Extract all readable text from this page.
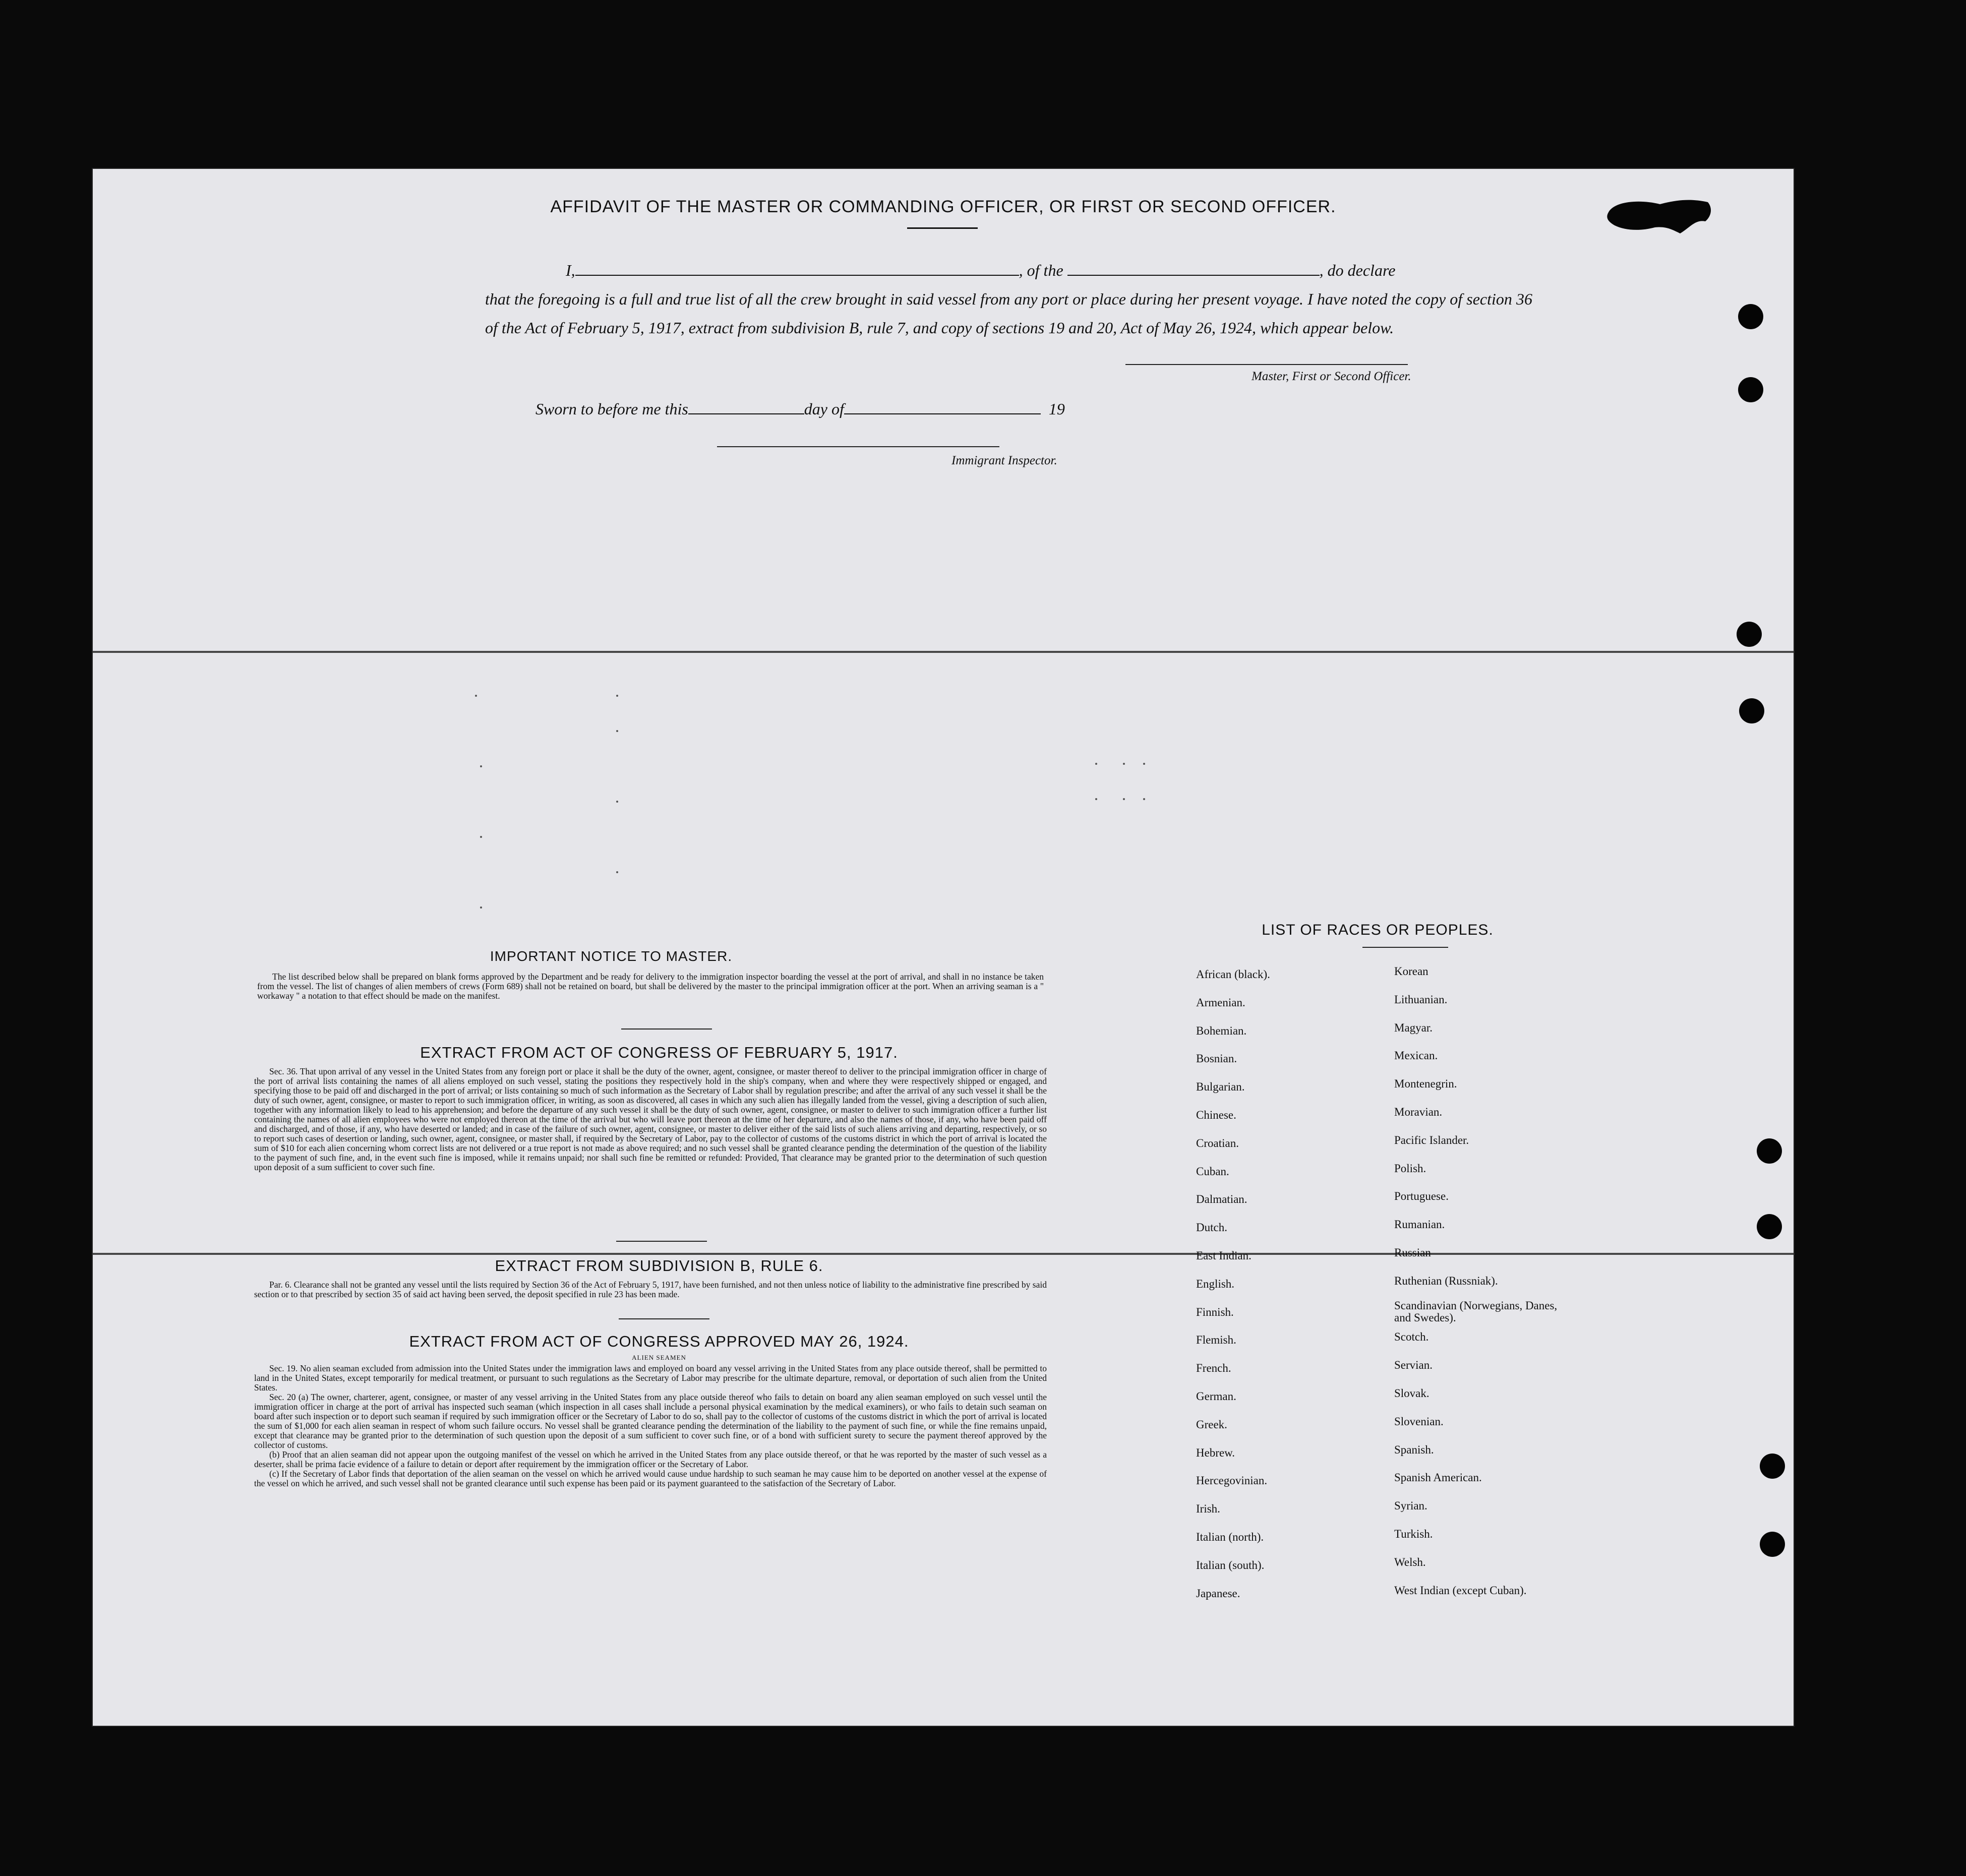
AFFIDAVIT OF THE MASTER OR COMMANDING OFFICER, OR FIRST OR SECOND OFFICER.
I,	, of the	, do declare
that the foregoing is a full and true list of all the crew brought in said vessel from any port or place during her present voyage. I have noted the copy of section 36 of the Act of February 5, 1917, extract from subdivision B, rule 7, and copy of sections 19 and 20, Act of May 26, 1924, which appear below.
Master, First or Second Officer.
Sworn to before me this	day of	19
Immigrant Inspector.
IMPORTANT NOTICE TO MASTER.

The list described below shall be prepared on blank forms approved by the Department and be ready for delivery to the immigration inspector boarding the vessel at the port of arrival, and shall in no instance be taken from the vessel. The list of changes of alien members of crews (Form 689) shall not be retained on board, but shall be delivered by the master to the principal immigration officer at the port. When an arriving seaman is a " workaway " a notation to that effect should be made on the manifest.

EXTRACT FROM ACT OF CONGRESS OF FEBRUARY 5, 1917.

Sec. 36. That upon arrival of any vessel in the United States from any foreign port or place it shall be the duty of the owner, agent, consignee, or master thereof to deliver to the principal immigration officer in charge of the port of arrival lists containing the names of all aliens employed on such vessel, stating the positions they respectively hold in the ship's company, when and where they were respectively shipped or engaged, and specifying those to be paid off and discharged in the port of arrival; or lists containing so much of such information as the Secretary of Labor shall by regulation prescribe; and after the arrival of any such vessel it shall be the duty of such owner, agent, consignee, or master to report to such immigration officer, in writing, as soon as discovered, all cases in which any such alien has illegally landed from the vessel, giving a description of such alien, together with any information likely to lead to his apprehension; and before the departure of any such vessel it shall be the duty of such owner, agent, consignee, or master to deliver to such immigration officer a further list containing the names of all alien employees who were not employed thereon at the time of the arrival but who will leave port thereon at the time of her departure, and also the names of those, if any, who have been paid off and discharged, and of those, if any, who have deserted or landed; and in case of the failure of such owner, agent, consignee, or master to deliver either of the said lists of such aliens arriving and departing, respectively, or so to report such cases of desertion or landing, such owner, agent, consignee, or master shall, if required by the Secretary of Labor, pay to the collector of customs of the customs district in which the port of arrival is located the sum of $10 for each alien concerning whom correct lists are not delivered or a true report is not made as above required; and no such vessel shall be granted clearance pending the determination of the question of the liability to the payment of such fine, and, in the event such fine is imposed, while it remains unpaid; nor shall such fine be remitted or refunded: Provided, That clearance may be granted prior to the determination of such question upon deposit of a sum sufficient to cover such fine.

EXTRACT FROM SUBDIVISION B, RULE 6.

Par. 6. Clearance shall not be granted any vessel until the lists required by Section 36 of the Act of February 5, 1917, have been furnished, and not then unless notice of liability to the administrative fine prescribed by said section or to that prescribed by section 35 of said act having been served, the deposit specified in rule 23 has been made.

EXTRACT FROM ACT OF CONGRESS APPROVED MAY 26, 1924.
ALIEN SEAMEN

Sec. 19. No alien seaman excluded from admission into the United States under the immigration laws and employed on board any vessel arriving in the United States from any place outside thereof, shall be permitted to land in the United States, except temporarily for medical treatment, or pursuant to such regulations as the Secretary of Labor may prescribe for the ultimate departure, removal, or deportation of such alien from the United States.

Sec. 20 (a) The owner, charterer, agent, consignee, or master of any vessel arriving in the United States from any place outside thereof who fails to detain on board any alien seaman employed on such vessel until the immigration officer in charge at the port of arrival has inspected such seaman (which inspection in all cases shall include a personal physical examination by the medical examiners), or who fails to detain such seaman on board after such inspection or to deport such seaman if required by such immigration officer or the Secretary of Labor to do so, shall pay to the collector of customs of the customs district in which the port of arrival is located the sum of $1,000 for each alien seaman in respect of whom such failure occurs. No vessel shall be granted clearance pending the determination of the liability to the payment of such fine, or while the fine remains unpaid, except that clearance may be granted prior to the determination of such question upon the deposit of a sum sufficient to cover such fine, or of a bond with sufficient surety to secure the payment thereof approved by the collector of customs.

(b) Proof that an alien seaman did not appear upon the outgoing manifest of the vessel on which he arrived in the United States from any place outside thereof, or that he was reported by the master of such vessel as a deserter, shall be prima facie evidence of a failure to detain or deport after requirement by the immigration officer or the Secretary of Labor.

(c) If the Secretary of Labor finds that deportation of the alien seaman on the vessel on which he arrived would cause undue hardship to such seaman he may cause him to be deported on another vessel at the expense of the vessel on which he arrived, and such vessel shall not be granted clearance until such expense has been paid or its payment guaranteed to the satisfaction of the Secretary of Labor.

LIST OF RACES OR PEOPLES.
African (black).
Armenian.
Bohemian.
Bosnian.
Bulgarian.
Chinese.
Croatian.
Cuban.
Dalmatian.
Dutch.
East Indian.
English.
Finnish.
Flemish.
French.
German.
Greek.
Hebrew.
Hercegovinian.
Irish.
Italian (north).
Italian (south).
Japanese.
Korean
Lithuanian.
Magyar.
Mexican.
Montenegrin.
Moravian.
Pacific Islander.
Polish.
Portuguese.
Rumanian.
Russian
Ruthenian (Russniak).
Scandinavian (Norwegians, Danes, and Swedes).
Scotch.
Servian.
Slovak.
Slovenian.
Spanish.
Spanish American.
Syrian.
Turkish.
Welsh.
West Indian (except Cuban).
